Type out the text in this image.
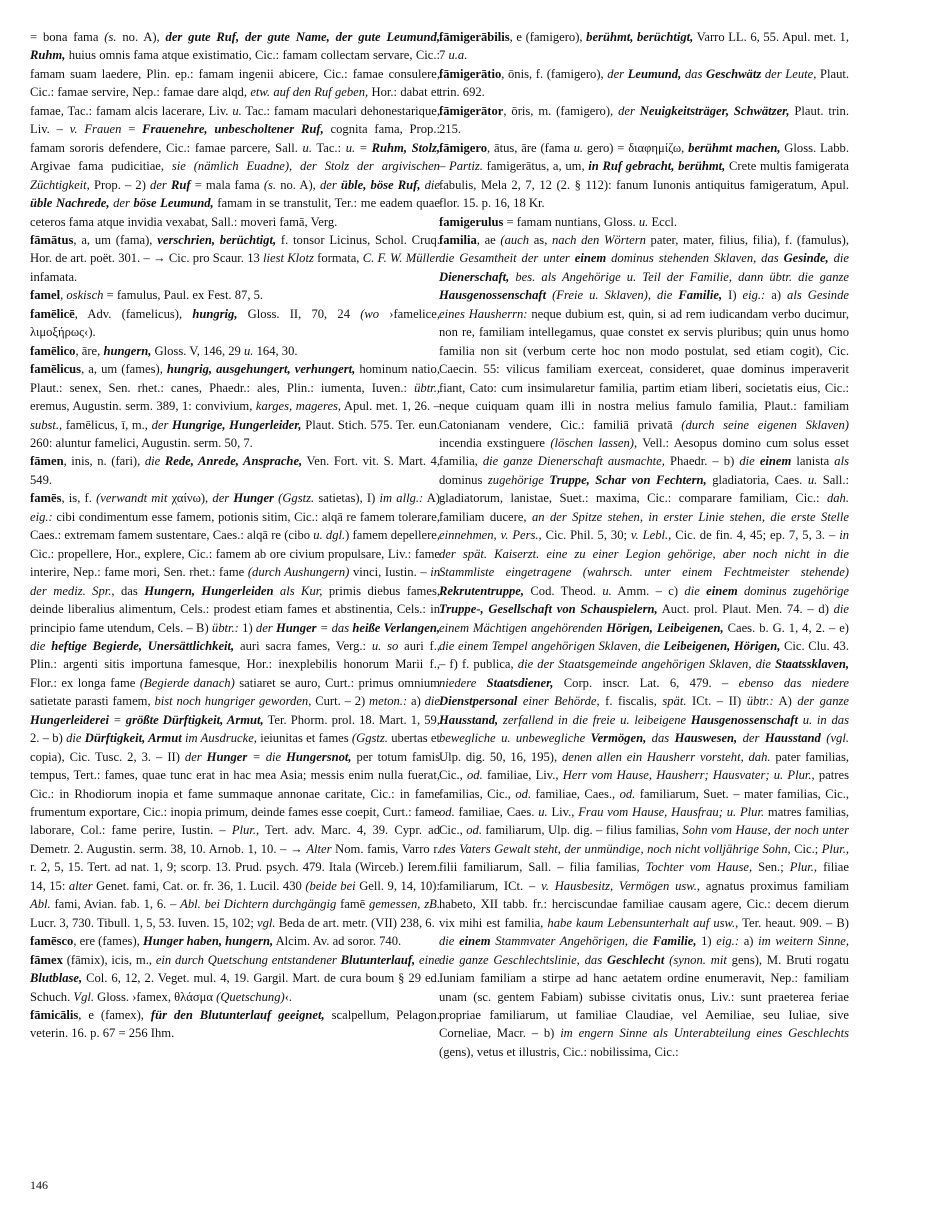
= bona fama (s. no. A), der gute Ruf, der gute Name, der gute Leumund, Ruhm, huius omnis fama atque existimatio, Cic.: famam collectam servare, Cic.: famam suam laedere, Plin. ep.: famam ingenii abicere, Cic.: famae consulere, Cic.: famae servire, Nep.: famae dare alqd, etw. auf den Ruf geben, Hor.: dabat et famae, Tac.: famam alcis lacerare, Liv. u. Tac.: famam maculari dehonestarique, Liv. – v. Frauen = Frauenehre, unbescholtener Ruf, cognita fama, Prop.: famam sororis defendere, Cic.: famae parcere, Sall. u. Tac.: u. = Ruhm, Stolz, Argivae fama pudicitiae, sie (nämlich Euadne), der Stolz der argivischen Züchtigkeit, Prop. – 2) der Ruf = mala fama (s. no. A), der üble, böse Ruf, die üble Nachrede, der böse Leumund, famam in se transtulit, Ter.: me eadem quae ceteros fama atque invidia vexabat, Sall.: moveri famā, Verg.

fāmātus, a, um (fama), verschrien, berüchtigt, f. tonsor Licinus, Schol. Cruq. Hor. de art. poët. 301. – → Cic. pro Scaur. 13 liest Klotz formata, C. F. W. Müller infamata.

famel, oskisch = famulus, Paul. ex Fest. 87, 5.

famēlicē, Adv. (famelicus), hungrig, Gloss. II, 70, 24 (wo ›famelice, λιμοξήρως‹).

famēlico, āre, hungern, Gloss. V, 146, 29 u. 164, 30.

famēlicus, a, um (fames), hungrig, ausgehungert, verhungert, hominum natio, Plaut.: senex, Sen. rhet.: canes, Phaedr.: ales, Plin.: iumenta, Iuven.: übtr., eremus, Augustin. serm. 389, 1: convivium, karges, mageres, Apul. met. 1, 26. – subst., famēlicus, ī, m., der Hungrige, Hungerleider, Plaut. Stich. 575. Ter. eun. 260: aluntur famelici, Augustin. serm. 50, 7.

fāmen, inis, n. (fari), die Rede, Anrede, Ansprache, Ven. Fort. vit. S. Mart. 4, 549.

famēs, is, f. (verwandt mit χαίνω), der Hunger (Ggstz. satietas), I) im allg.: A) eig.: cibi condimentum esse famem, potionis sitim, Cic.: alqā re famem tolerare, Caes.: extremam famem sustentare, Caes.: alqā re (cibo u. dgl.) famem depellere, Cic.: propellere, Hor., explere, Cic.: famem ab ore civium propulsare, Liv.: fame interire, Nep.: fame mori, Sen. rhet.: fame (durch Aushungern) vinci, Iustin. – in der mediz. Spr., das Hungern, Hungerleiden als Kur, primis diebus fames, deinde liberalius alimentum, Cels.: prodest etiam fames et abstinentia, Cels.: in principio fame utendum, Cels. – B) übtr.: 1) der Hunger = das heiße Verlangen, die heftige Begierde, Unersättlichkeit, auri sacra fames, Verg.: u. so auri f., Plin.: argenti sitis importuna famesque, Hor.: inexplebilis honorum Marii f., Flor.: ex longa fame (Begierde danach) satiaret se auro, Curt.: primus omnium satietate parasti famem, bist noch hungriger geworden, Curt. – 2) meton.: a) die Hungerleiderei = größte Dürftigkeit, Armut, Ter. Phorm. prol. 18. Mart. 1, 59, 2. – b) die Dürftigkeit, Armut im Ausdrucke, ieiunitas et fames (Ggstz. ubertas et copia), Cic. Tusc. 2, 3. – II) der Hunger = die Hungersnot, per totum famis tempus, Tert.: fames, quae tunc erat in hac mea Asia; messis enim nulla fuerat, Cic.: in Rhodiorum inopia et fame summaque annonae caritate, Cic.: in fame frumentum exportare, Cic.: inopia primum, deinde fames esse coepit, Curt.: fame laborare, Col.: fame perire, Iustin. – Plur., Tert. adv. Marc. 4, 39. Cypr. ad Demetr. 2. Augustin. serm. 38, 10. Arnob. 1, 10. – → Alter Nom. famis, Varro r. r. 2, 5, 15. Tert. ad nat. 1, 9; scorp. 13. Prud. psych. 479. Itala (Wirceb.) Ierem. 14, 15: alter Genet. fami, Cat. or. fr. 36, 1. Lucil. 430 (beide bei Gell. 9, 14, 10): Abl. fami, Avian. fab. 1, 6. – Abl. bei Dichtern durchgängig famē gemessen, zB. Lucr. 3, 730. Tibull. 1, 5, 53. Iuven. 15, 102; vgl. Beda de art. metr. (VII) 238, 6.

famēsco, ere (fames), Hunger haben, hungern, Alcim. Av. ad soror. 740.

fāmex (fāmix), icis, m., ein durch Quetschung entstandener Blutunterlauf, eine Blutblase, Col. 6, 12, 2. Veget. mul. 4, 19. Gargil. Mart. de cura boum § 29 ed. Schuch. Vgl. Gloss. ›famex, θλάσμα (Quetschung)‹.

fāmicālis, e (famex), für den Blutunterlauf geeignet, scalpellum, Pelagon. veterin. 16. p. 67 = 256 Ihm.

fāmigerābilis, e (famigero), berühmt, berüchtigt, Varro LL. 6, 55. Apul. met. 1, 7 u.a.

fāmigerātio, ōnis, f. (famigero), der Leumund, das Geschwätz der Leute, Plaut. trin. 692.

fāmigerātor, ōris, m. (famigero), der Neuigkeitsträger, Schwätzer, Plaut. trin. 215.

fāmigero, ātus, āre (fama u. gero) = διαφημίζω, berühmt machen, Gloss. Labb. – Partiz. famigerātus, a, um, in Ruf gebracht, berühmt, Crete multis famigerata fabulis, Mela 2, 7, 12 (2. § 112): fanum Iunonis antiquitus famigeratum, Apul. flor. 15. p. 16, 18 Kr.

famigerulus = famam nuntians, Gloss. u. Eccl.

familia, ae (auch as, nach den Wörtern pater, mater, filius, filia), f. (famulus), die Gesamtheit der unter einem dominus stehenden Sklaven, das Gesinde, die Dienerschaft, bes. als Angehörige u. Teil der Familie, dann übtr. die ganze Hausgenossenschaft (Freie u. Sklaven), die Familie, I) eig.: a) als Gesinde eines Hausherrn: neque dubium est, quin, si ad rem iudicandam verbo ducimur, non re, familiam intellegamus, quae constet ex servis pluribus; quin unus homo familia non sit (verbum certe hoc non modo postulat, sed etiam cogit), Cic. Caecin. 55: vilicus familiam exerceat, consideret, quae dominus imperaverit fiant, Cato: cum insimularetur familia, partim etiam liberi, societatis eius, Cic.: neque cuiquam quam illi in nostra melius famulo familia, Plaut.: familiam Catonianam vendere, Cic.: familiā privatā (durch seine eigenen Sklaven) incendia exstinguere (löschen lassen), Vell.: Aesopus domino cum solus esset familia, die ganze Dienerschaft ausmachte, Phaedr. – b) die einem lanista als dominus zugehörige Truppe, Schar von Fechtern, gladiatoria, Caes. u. Sall.: gladiatorum, lanistae, Suet.: maxima, Cic.: comparare familiam, Cic.: dah. familiam ducere, an der Spitze stehen, in erster Linie stehen, die erste Stelle einnehmen, v. Pers., Cic. Phil. 5, 30; v. Lebl., Cic. de fin. 4, 45; ep. 7, 5, 3. – in der spät. Kaiserzt. eine zu einer Legion gehörige, aber noch nicht in die Stammliste eingetragene (wahrsch. unter einem Fechtmeister stehende) Rekrutentruppe, Cod. Theod. u. Amm. – c) die einem dominus zugehörige Truppe-, Gesellschaft von Schauspielern, Auct. prol. Plaut. Men. 74. – d) die einem Mächtigen angehörenden Hörigen, Leibeigenen, Caes. b. G. 1, 4, 2. – e) die einem Tempel angehörigen Sklaven, die Leibeigenen, Hörigen, Cic. Clu. 43. – f) f. publica, die der Staatsgemeinde angehörigen Sklaven, die Staatssklaven, niedere Staatsdiener, Corp. inscr. Lat. 6, 479. – ebenso das niedere Dienstpersonal einer Behörde, f. fiscalis, spät. ICt. – II) übtr.: A) der ganze Hausstand, zerfallend in die freie u. leibeigene Hausgenossenschaft u. in das bewegliche u. unbewegliche Vermögen, das Hauswesen, der Hausstand (vgl. Ulp. dig. 50, 16, 195), denen allen ein Hausherr vorsteht, dah. pater familias, Cic., od. familiae, Liv., Herr vom Hause, Hausherr; Hausvater; u. Plur., patres familias, Cic., od. familiae, Caes., od. familiarum, Suet. – mater familias, Cic., od. familiae, Caes. u. Liv., Frau vom Hause, Hausfrau; u. Plur. matres familias, Cic., od. familiarum, Ulp. dig. – filius familias, Sohn vom Hause, der noch unter des Vaters Gewalt steht, der unmündige, noch nicht volljährige Sohn, Cic.; Plur., filii familiarum, Sall. – filia familias, Tochter vom Hause, Sen.; Plur., filiae familiarum, ICt. – v. Hausbesitz, Vermögen usw., agnatus proximus familiam habeto, XII tabb. fr.: herciscundae familiae causam agere, Cic.: decem dierum vix mihi est familia, habe kaum Lebensunterhalt auf usw., Ter. heaut. 909. – B) die einem Stammvater Angehörigen, die Familie, 1) eig.: a) im weitern Sinne, die ganze Geschlechtslinie, das Geschlecht (synon. mit gens), M. Bruti rogatu Iuniam familiam a stirpe ad hanc aetatem ordine enumeravit, Nep.: familiam unam (sc. gentem Fabiam) subisse civitatis onus, Liv.: sunt praeterea feriae propriae familiarum, ut familiae Claudiae, vel Aemiliae, seu Iuliae, sive Corneliae, Macr. – b) im engern Sinne als Unterabteilung eines Geschlechts (gens), vetus et illustris, Cic.: nobilissima, Cic.:

146
